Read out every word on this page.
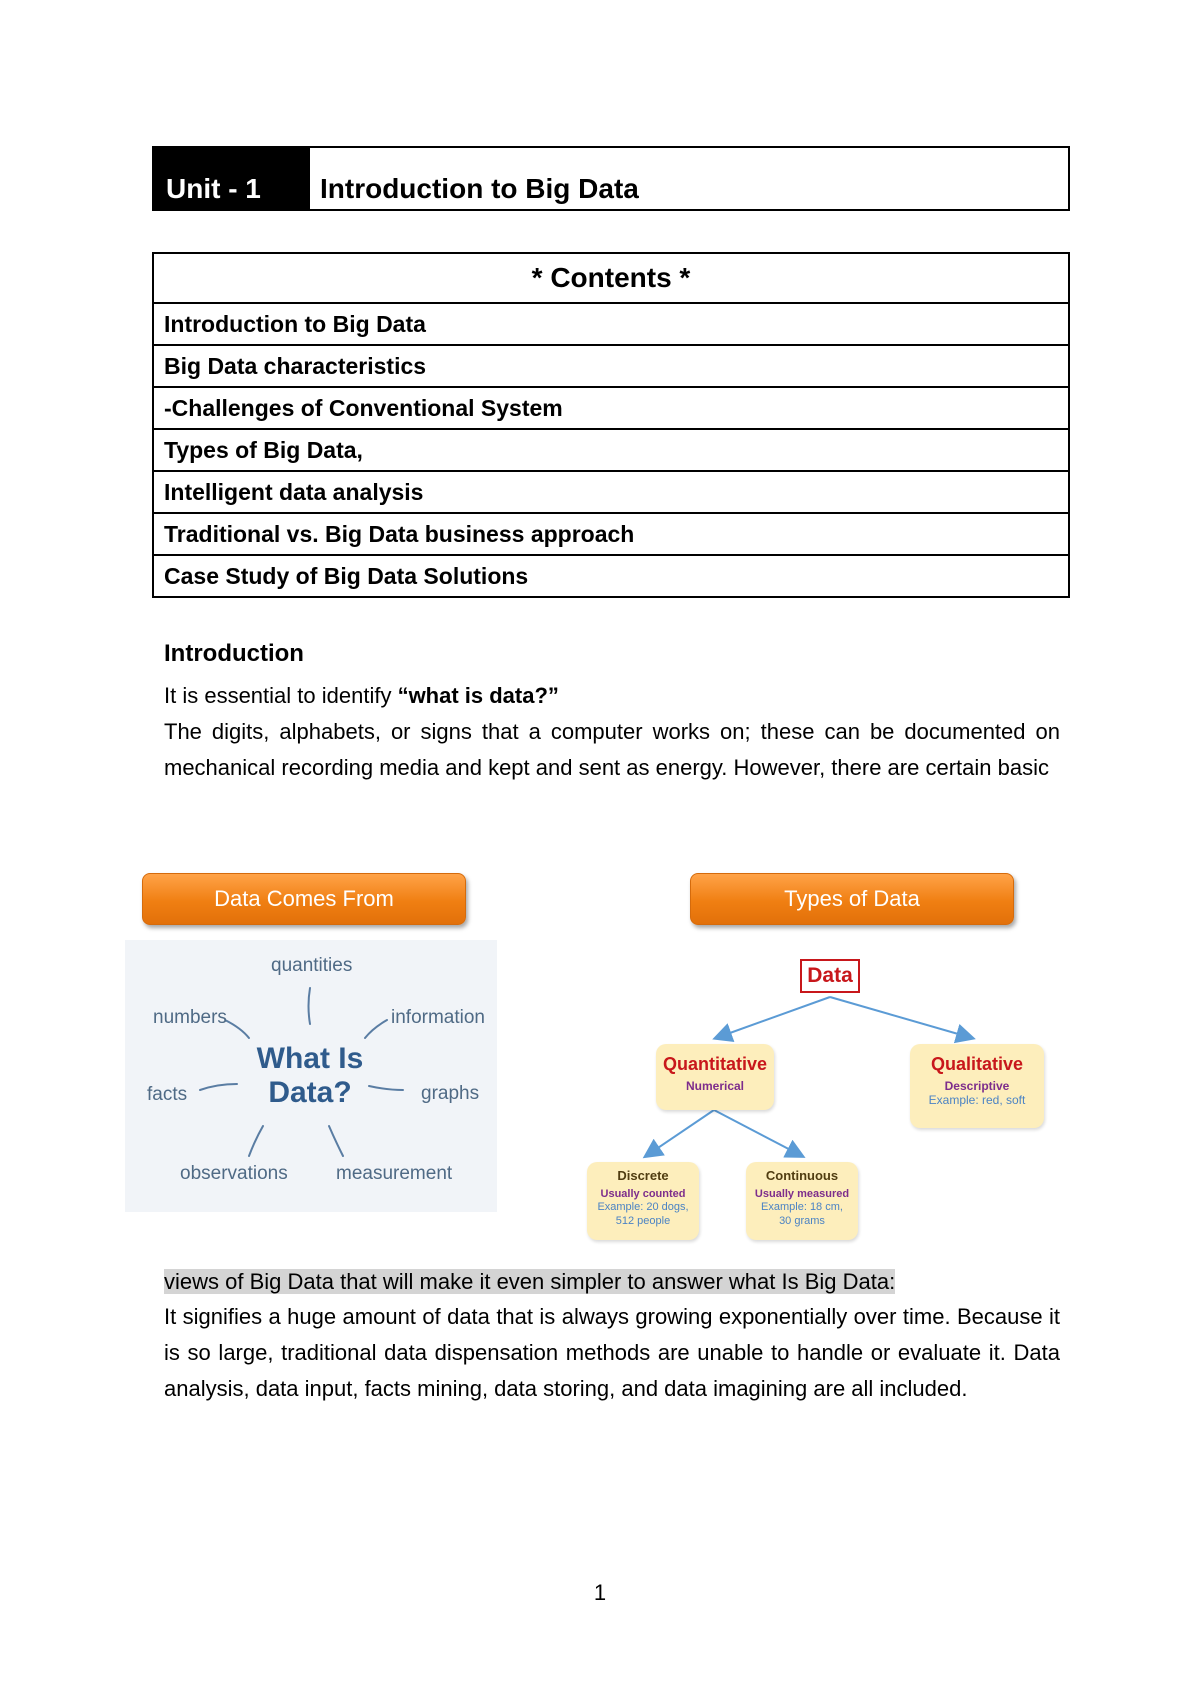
Unit - 1	Introduction to Big Data
* Contents *
Introduction to Big Data
Big Data characteristics
-Challenges of Conventional System
Types of Big Data,
Intelligent data analysis
Traditional vs. Big Data business approach
Case Study of Big Data Solutions
Introduction
It is essential to identify “what is data?”
The digits, alphabets, or signs that a computer works on; these can be documented on mechanical recording media and kept and sent as energy. However, there are certain basic
Data Comes From
quantities
numbers	information
facts	graphs
observations	measurement
What Is Data?
Types of Data
Data
Quantitative
Numerical
Qualitative
Descriptive
Example: red, soft
Discrete
Usually counted
Example: 20 dogs,
512 people
Continuous
Usually measured
Example: 18 cm,
30 grams
views of Big Data that will make it even simpler to answer what Is Big Data:
It signifies a huge amount of data that is always growing exponentially over time. Because it is so large, traditional data dispensation methods are unable to handle or evaluate it. Data analysis, data input, facts mining, data storing, and data imagining are all included.
1
